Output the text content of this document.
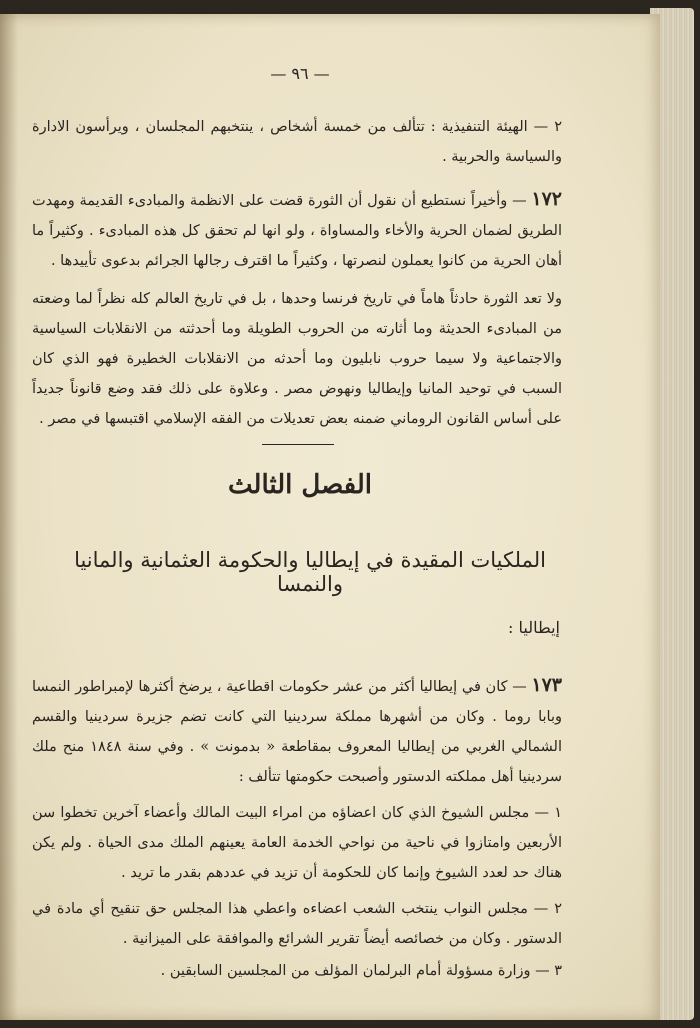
— ٩٦ —

٢ — الهيئة التنفيذية : تتألف من خمسة أشخاص ، ينتخبهم المجلسان ، ويرأسون الادارة والسياسة والحربية .

١٧٢ — وأخيراً نستطيع أن نقول أن الثورة قضت على الانظمة والمبادىء القديمة ومهدت الطريق لضمان الحرية والأخاء والمساواة ، ولو انها لم تحقق كل هذه المبادىء . وكثيراً ما أهان الحرية من كانوا يعملون لنصرتها ، وكثيراً ما اقترف رجالها الجرائم بدعوى تأييدها .

ولا تعد الثورة حادثاً هاماً في تاريخ فرنسا وحدها ، بل في تاريخ العالم كله نظراً لما وضعته من المبادىء الحديثة وما أثارته من الحروب الطويلة وما أحدثته من الانقلابات السياسية والاجتماعية ولا سيما حروب نابليون وما أحدثه من الانقلابات الخطيرة فهو الذي كان السبب في توحيد المانيا وإيطاليا ونهوض مصر . وعلاوة على ذلك فقد وضع قانوناً جديداً على أساس القانون الروماني ضمنه بعض تعديلات من الفقه الإسلامي اقتبسها في مصر .

١٧٣ — كان في إيطاليا أكثر من عشر حكومات اقطاعية ، يرضخ أكثرها لإمبراطور النمسا وبابا روما . وكان من أشهرها مملكة سردينيا التي كانت تضم جزيرة سردينيا والقسم الشمالي الغربي من إيطاليا المعروف بمقاطعة « بدمونت » . وفي سنة ١٨٤٨ منح ملك سردينيا أهل مملكته الدستور وأصبحت حكومتها تتألف :

١ — مجلس الشيوخ الذي كان اعضاؤه من امراء البيت المالك وأعضاء آخرين تخطوا سن الأربعين وامتازوا في ناحية من نواحي الخدمة العامة يعينهم الملك مدى الحياة . ولم يكن هناك حد لعدد الشيوخ وإنما كان للحكومة أن تزيد في عددهم بقدر ما تريد .

٢ — مجلس النواب ينتخب الشعب اعضاءه واعطي هذا المجلس حق تنقيح أي مادة في الدستور . وكان من خصائصه أيضاً تقرير الشرائع والموافقة على الميزانية .

٣ — وزارة مسؤولة أمام البرلمان المؤلف من المجلسين السابقين .

الفصل الثالث
الملكيات المقيدة في إيطاليا والحكومة العثمانية والمانيا والنمسا
إيطاليا :
